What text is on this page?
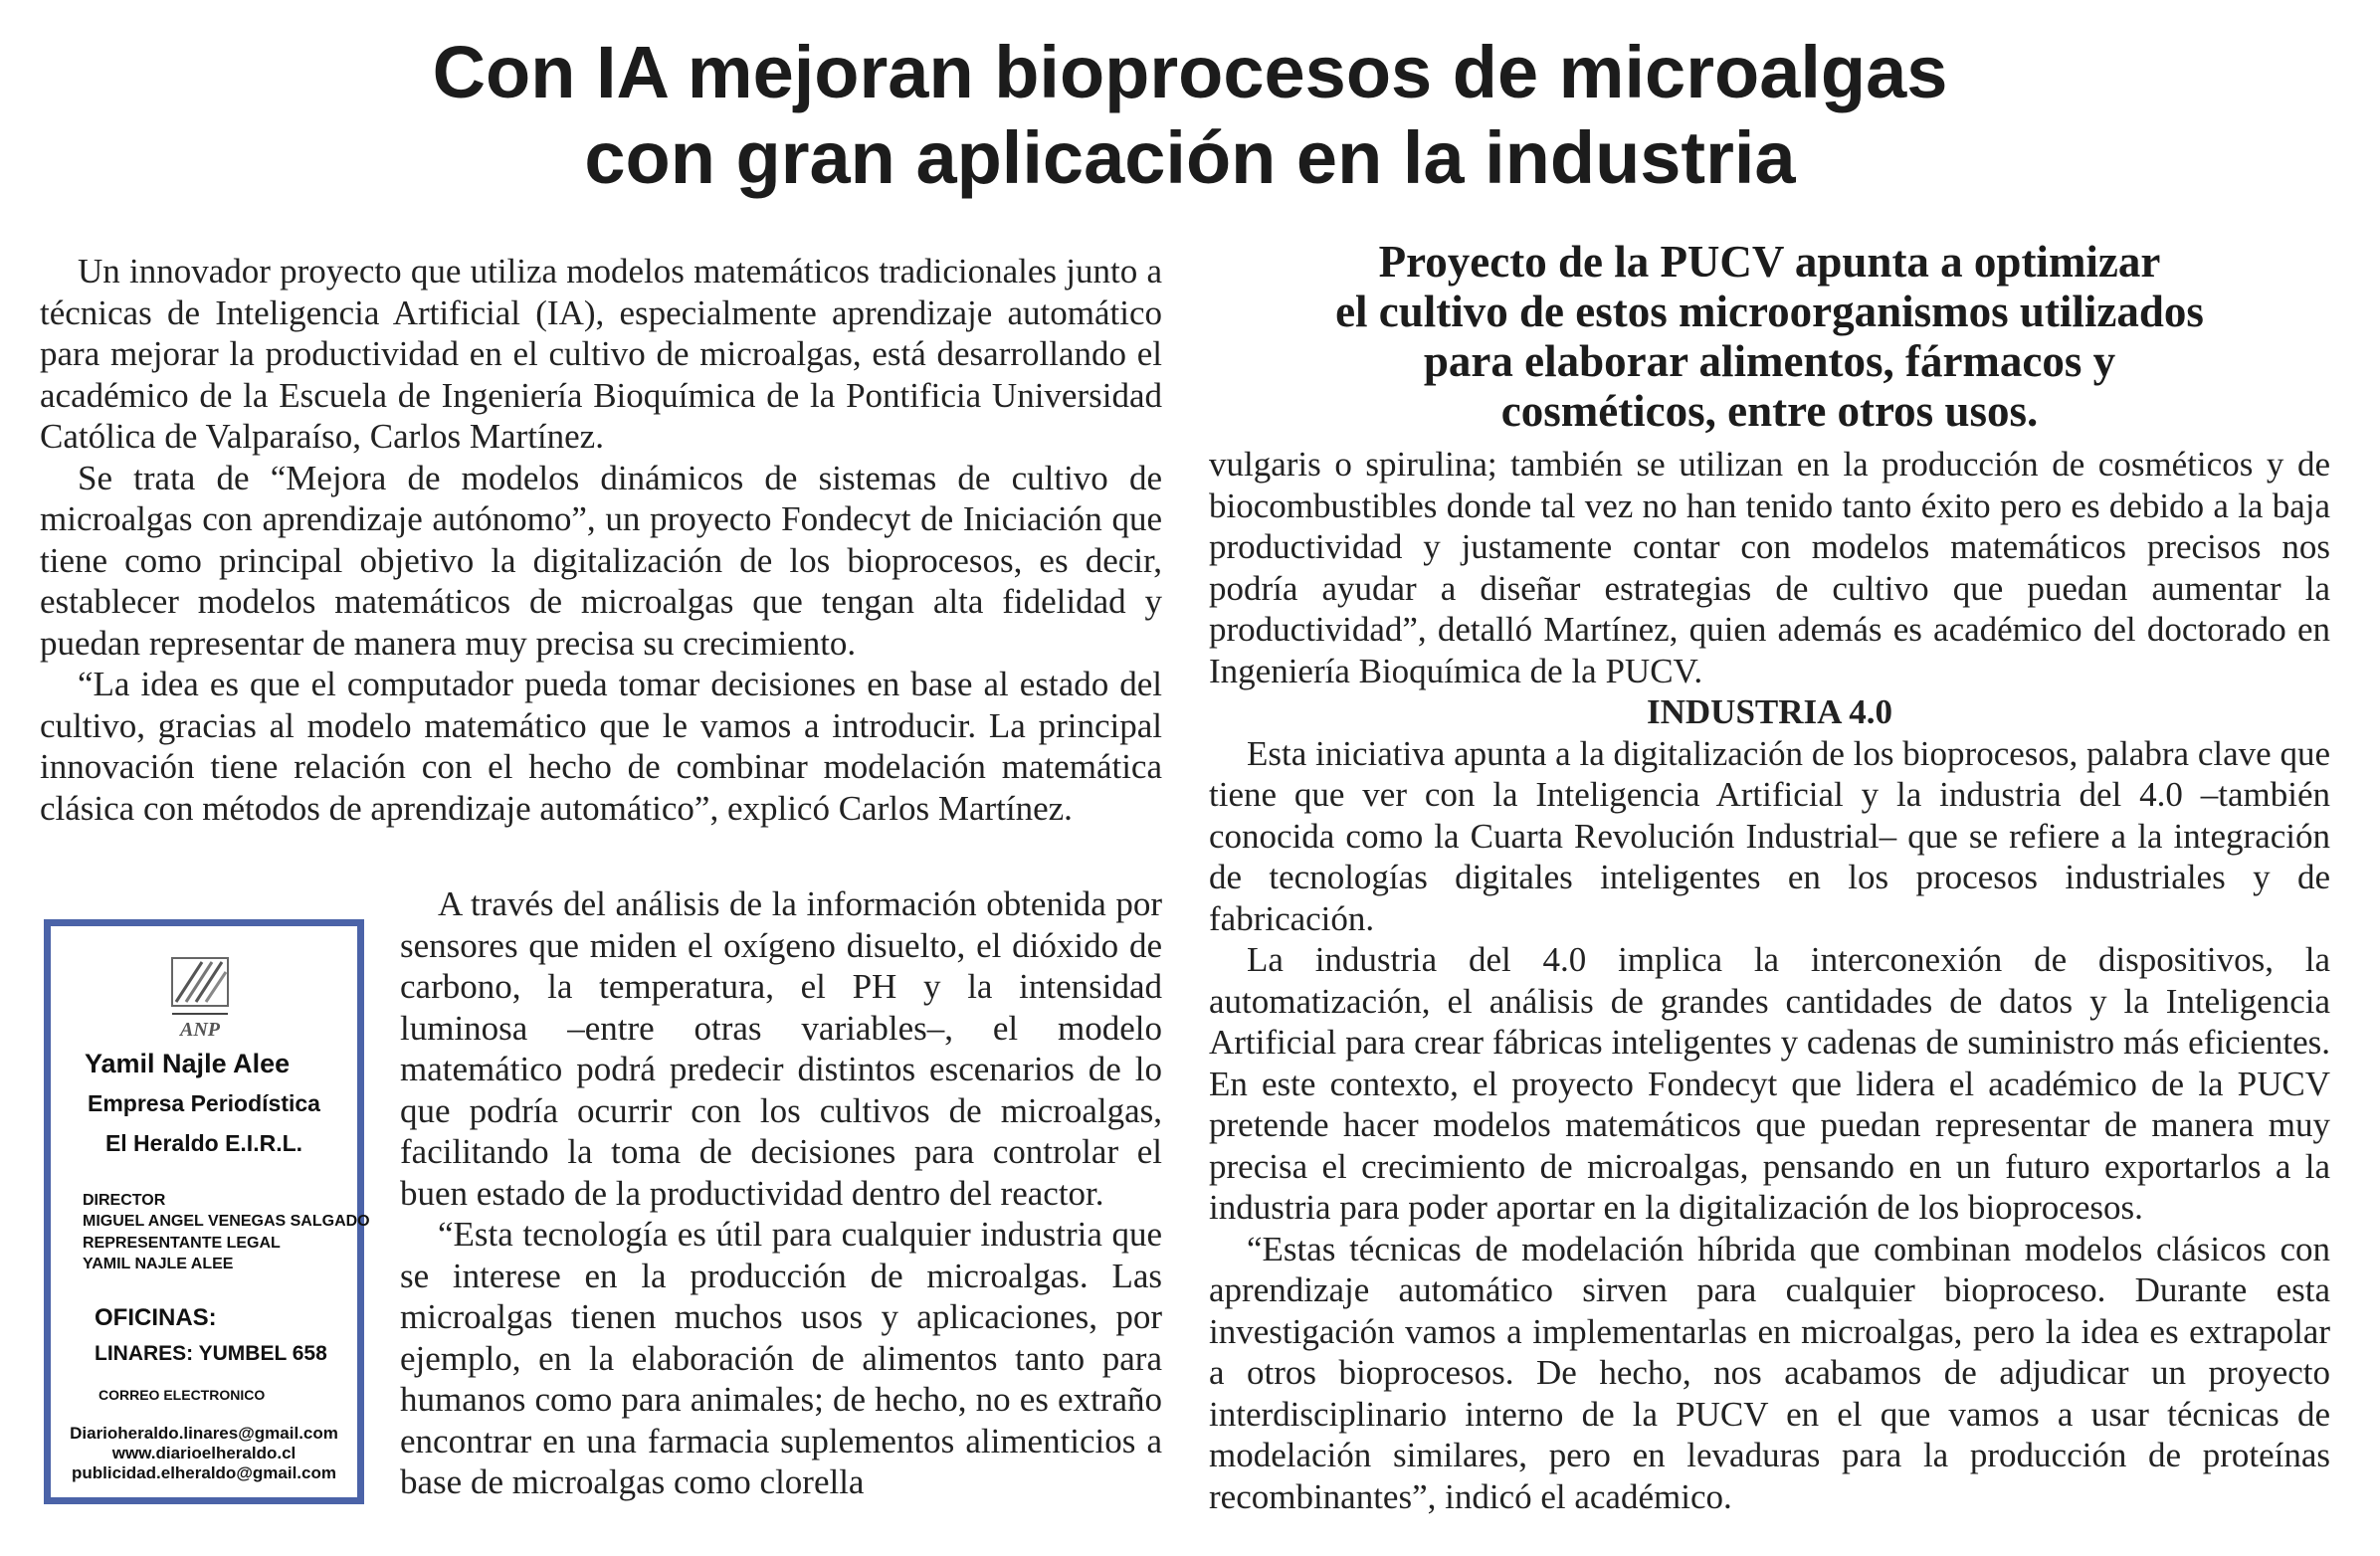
Con IA mejoran bioprocesos de microalgas
con gran aplicación en la industria

Un innovador proyecto que utiliza modelos matemáticos tradicionales junto a técnicas de Inteligencia Artificial (IA), especialmente aprendizaje automático para mejorar la productividad en el cultivo de microalgas, está desarrollando el académico de la Escuela de Ingeniería Bioquímica de la Pontificia Universidad Católica de Valparaíso, Carlos Martínez.

Se trata de “Mejora de modelos dinámicos de sistemas de cultivo de microalgas con aprendizaje autónomo”, un proyecto Fondecyt de Iniciación que tiene como principal objetivo la digitalización de los bioprocesos, es decir, establecer modelos matemáticos de microalgas que tengan alta fidelidad y puedan representar de manera muy precisa su crecimiento.

“La idea es que el computador pueda tomar decisiones en base al estado del cultivo, gracias al modelo matemático que le vamos a introducir. La principal innovación tiene relación con el hecho de combinar modelación matemática clásica con métodos de aprendizaje automático”, explicó Carlos Martínez.

ANP
Yamil Najle Alee
Empresa Periodística
El Heraldo E.I.R.L.
DIRECTOR
MIGUEL ANGEL VENEGAS SALGADO
REPRESENTANTE LEGAL
YAMIL NAJLE ALEE
OFICINAS:
LINARES: YUMBEL 658
CORREO ELECTRONICO
Diarioheraldo.linares@gmail.com
www.diarioelheraldo.cl
publicidad.elheraldo@gmail.com

A través del análisis de la información obtenida por sensores que miden el oxígeno disuelto, el dióxido de carbono, la temperatura, el PH y la intensidad luminosa –entre otras variables–, el modelo matemático podrá predecir distintos escenarios de lo que podría ocurrir con los cultivos de microalgas, facilitando la toma de decisiones para controlar el buen estado de la productividad dentro del reactor.

“Esta tecnología es útil para cualquier industria que se interese en la producción de microalgas. Las microalgas tienen muchos usos y aplicaciones, por ejemplo, en la elaboración de alimentos tanto para humanos como para animales; de hecho, no es extraño encontrar en una farmacia suplementos alimenticios a base de microalgas como clorella

Proyecto de la PUCV apunta a optimizar
el cultivo de estos microorganismos utilizados
para elaborar alimentos, fármacos y
cosméticos, entre otros usos.

vulgaris o spirulina; también se utilizan en la producción de cosméticos y de biocombustibles donde tal vez no han tenido tanto éxito pero es debido a la baja productividad y justamente contar con modelos matemáticos precisos nos podría ayudar a diseñar estrategias de cultivo que puedan aumentar la productividad”, detalló Martínez, quien además es académico del doctorado en Ingeniería Bioquímica de la PUCV.

INDUSTRIA 4.0

Esta iniciativa apunta a la digitalización de los bioprocesos, palabra clave que tiene que ver con la Inteligencia Artificial y la industria del 4.0 –también conocida como la Cuarta Revolución Industrial– que se refiere a la integración de tecnologías digitales inteligentes en los procesos industriales y de fabricación.

La industria del 4.0 implica la interconexión de dispositivos, la automatización, el análisis de grandes cantidades de datos y la Inteligencia Artificial para crear fábricas inteligentes y cadenas de suministro más eficientes. En este contexto, el proyecto Fondecyt que lidera el académico de la PUCV pretende hacer modelos matemáticos que puedan representar de manera muy precisa el crecimiento de microalgas, pensando en un futuro exportarlos a la industria para poder aportar en la digitalización de los bioprocesos.

“Estas técnicas de modelación híbrida que combinan modelos clásicos con aprendizaje automático sirven para cualquier bioproceso. Durante esta investigación vamos a implementarlas en microalgas, pero la idea es extrapolar a otros bioprocesos. De hecho, nos acabamos de adjudicar un proyecto interdisciplinario interno de la PUCV en el que vamos a usar técnicas de modelación similares, pero en levaduras para la producción de proteínas recombinantes”, indicó el académico.
